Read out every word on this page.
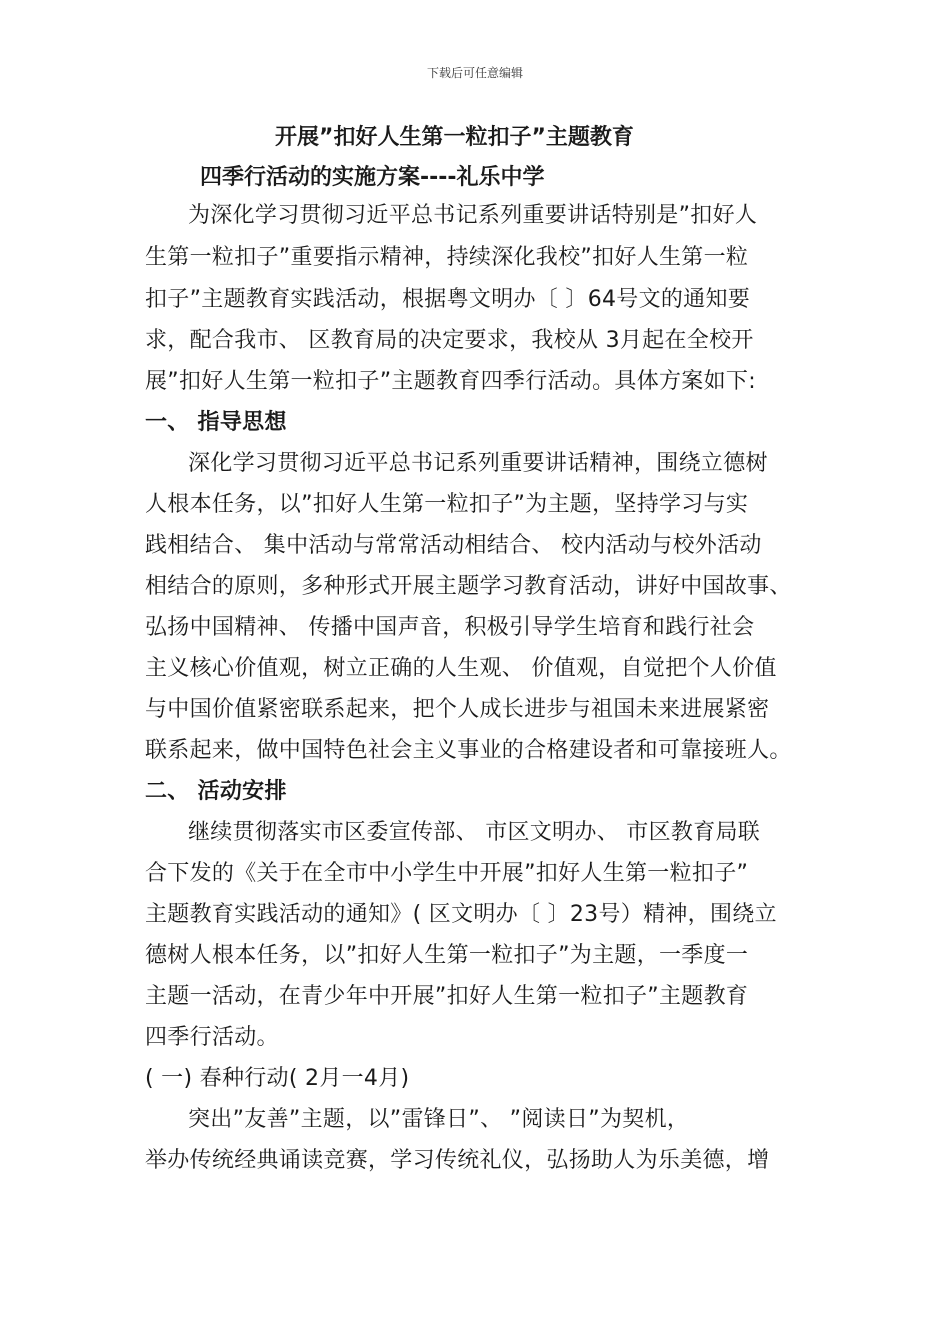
下载后可任意编辑
开展”扣好人生第一粒扣子”主题教育
四季行活动的实施方案----礼乐中学
为深化学习贯彻习近平总书记系列重要讲话特别是”扣好人
生第一粒扣子”重要指示精神，持续深化我校”扣好人生第一粒
扣子”主题教育实践活动，根据粤文明办〔 〕64号文的通知要
求，配合我市、 区教育局的决定要求，我校从 3月起在全校开
展”扣好人生第一粒扣子”主题教育四季行活动。具体方案如下:
一、 指导思想
深化学习贯彻习近平总书记系列重要讲话精神，围绕立德树
人根本任务，以”扣好人生第一粒扣子”为主题，坚持学习与实
践相结合、 集中活动与常常活动相结合、 校内活动与校外活动
相结合的原则，多种形式开展主题学习教育活动，讲好中国故事、
弘扬中国精神、 传播中国声音，积极引导学生培育和践行社会
主义核心价值观，树立正确的人生观、 价值观，自觉把个人价值
与中国价值紧密联系起来，把个人成长进步与祖国未来进展紧密
联系起来，做中国特色社会主义事业的合格建设者和可靠接班人。
二、 活动安排
继续贯彻落实市区委宣传部、 市区文明办、 市区教育局联
合下发的《关于在全市中小学生中开展”扣好人生第一粒扣子”
主题教育实践活动的通知》( 区文明办〔 〕23号）精神，围绕立
德树人根本任务，以”扣好人生第一粒扣子”为主题，一季度一
主题一活动，在青少年中开展”扣好人生第一粒扣子”主题教育
四季行活动。
( 一) 春种行动( 2月一4月)
突出”友善”主题，以”雷锋日”、 ”阅读日”为契机，
举办传统经典诵读竞赛，学习传统礼仪，弘扬助人为乐美德，增
